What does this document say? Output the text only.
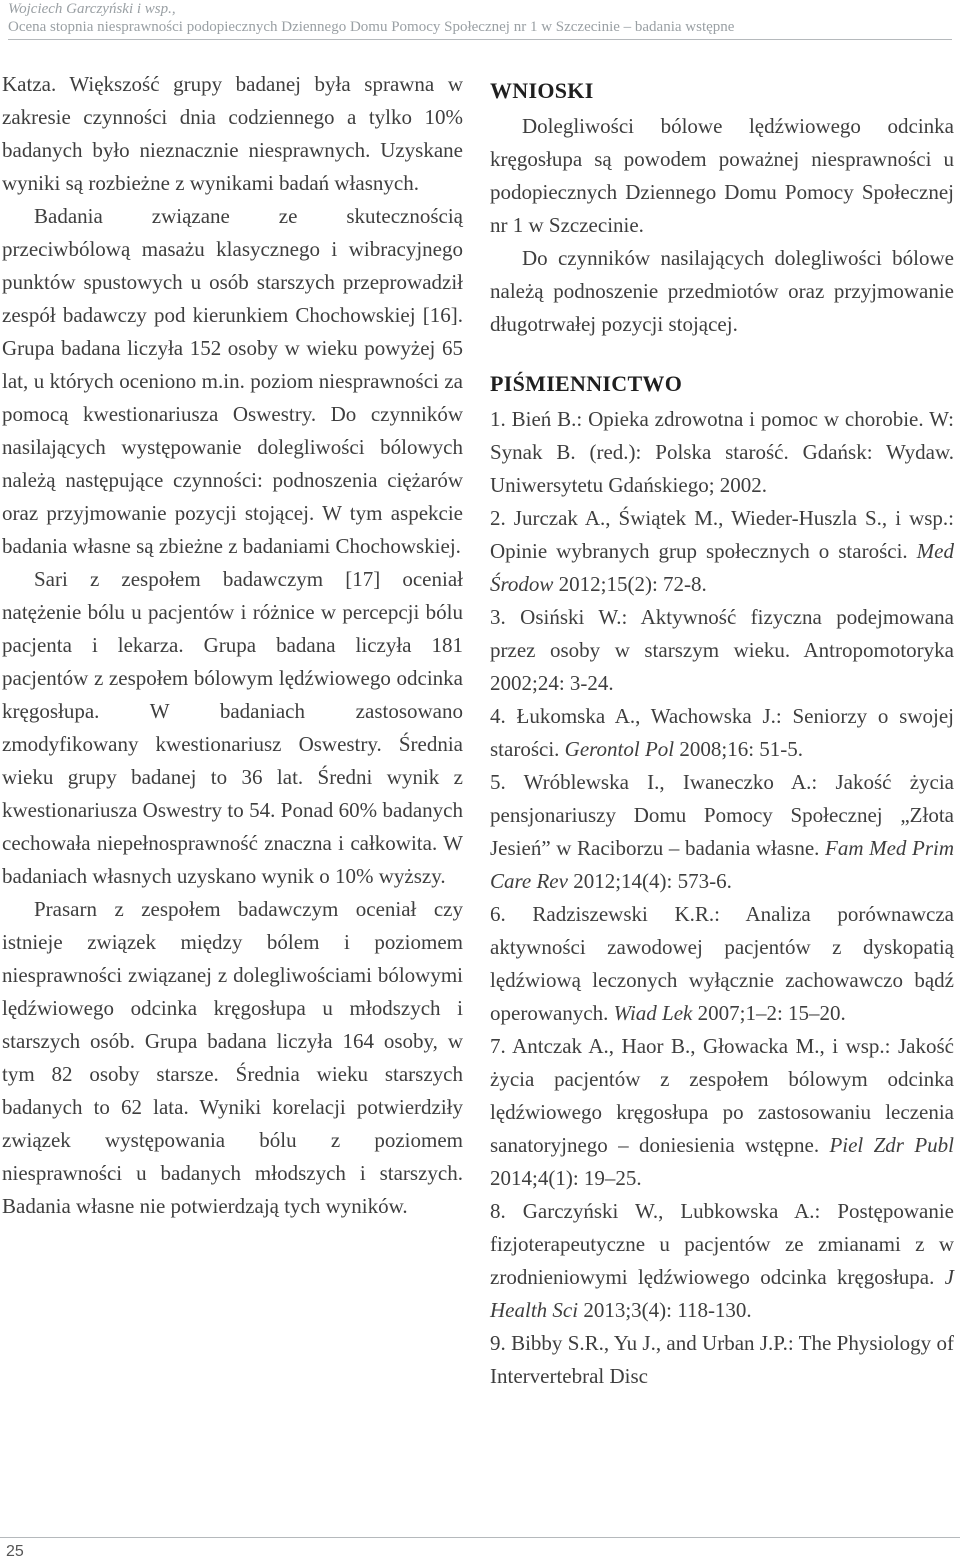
Wojciech Garczyński i wsp.,
Ocena stopnia niesprawności podopiecznych Dziennego Domu Pomocy Społecznej nr 1 w Szczecinie – badania wstępne

Katza. Większość grupy badanej była sprawna w zakresie czynności dnia codziennego a tylko 10% badanych było nieznacznie niesprawnych. Uzyskane wyniki są rozbieżne z wynikami badań własnych.

Badania związane ze skutecznością przeciwbólową masażu klasycznego i wibracyjnego punktów spustowych u osób starszych przeprowadził zespół badawczy pod kierunkiem Chochowskiej [16]. Grupa badana liczyła 152 osoby w wieku powyżej 65 lat, u których oceniono m.in. poziom niesprawności za pomocą kwestionariusza Oswestry. Do czynników nasilających występowanie dolegliwości bólowych należą następujące czynności: podnoszenia ciężarów oraz przyjmowanie pozycji stojącej. W tym aspekcie badania własne są zbieżne z badaniami Chochowskiej.

Sari z zespołem badawczym [17] oceniał natężenie bólu u pacjentów i różnice w percepcji bólu pacjenta i lekarza. Grupa badana liczyła 181 pacjentów z zespołem bólowym lędźwiowego odcinka kręgosłupa. W badaniach zastosowano zmodyfikowany kwestionariusz Oswestry. Średnia wieku grupy badanej to 36 lat. Średni wynik z kwestionariusza Oswestry to 54. Ponad 60% badanych cechowała niepełnosprawność znaczna i całkowita. W badaniach własnych uzyskano wynik o 10% wyższy.

Prasarn z zespołem badawczym oceniał czy istnieje związek między bólem i poziomem niesprawności związanej z dolegliwościami bólowymi lędźwiowego odcinka kręgosłupa u młodszych i starszych osób. Grupa badana liczyła 164 osoby, w tym 82 osoby starsze. Średnia wieku starszych badanych to 62 lata. Wyniki korelacji potwierdziły związek występowania bólu z poziomem niesprawności u badanych młodszych i starszych. Badania własne nie potwierdzają tych wyników.

WNIOSKI

Dolegliwości bólowe lędźwiowego odcinka kręgosłupa są powodem poważnej niesprawności u podopiecznych Dziennego Domu Pomocy Społecznej nr 1 w Szczecinie.

Do czynników nasilających dolegliwości bólowe należą podnoszenie przedmiotów oraz przyjmowanie długotrwałej pozycji stojącej.

PIŚMIENNICTWO

1. Bień B.: Opieka zdrowotna i pomoc w chorobie. W: Synak B. (red.): Polska starość. Gdańsk: Wydaw. Uniwersytetu Gdańskiego; 2002.

2. Jurczak A., Świątek M., Wieder-Huszla S., i wsp.: Opinie wybranych grup społecznych o starości. Med Środow 2012;15(2): 72-8.

3. Osiński W.: Aktywność fizyczna podejmowana przez osoby w starszym wieku. Antropomotoryka 2002;24: 3-24.

4. Łukomska A., Wachowska J.: Seniorzy o swojej starości. Gerontol Pol 2008;16: 51-5.

5. Wróblewska I., Iwaneczko A.: Jakość życia pensjonariuszy Domu Pomocy Społecznej „Złota Jesień” w Raciborzu – badania własne. Fam Med Prim Care Rev 2012;14(4): 573-6.

6. Radziszewski K.R.: Analiza porównawcza aktywności zawodowej pacjentów z dyskopatią lędźwiową leczonych wyłącznie zachowawczo bądź operowanych. Wiad Lek 2007;1–2: 15–20.

7. Antczak A., Haor B., Głowacka M., i wsp.: Jakość życia pacjentów z zespołem bólowym odcinka lędźwiowego kręgosłupa po zastosowaniu leczenia sanatoryjnego – doniesienia wstępne. Piel Zdr Publ 2014;4(1): 19–25.

8. Garczyński W., Lubkowska A.: Postępowanie fizjoterapeutyczne u pacjentów ze zmianami z w zrodnieniowymi lędźwiowego odcinka kręgosłupa. J Health Sci 2013;3(4): 118-130.

9. Bibby S.R., Yu J., and Urban J.P.: The Physiology of Intervertebral Disc

25
